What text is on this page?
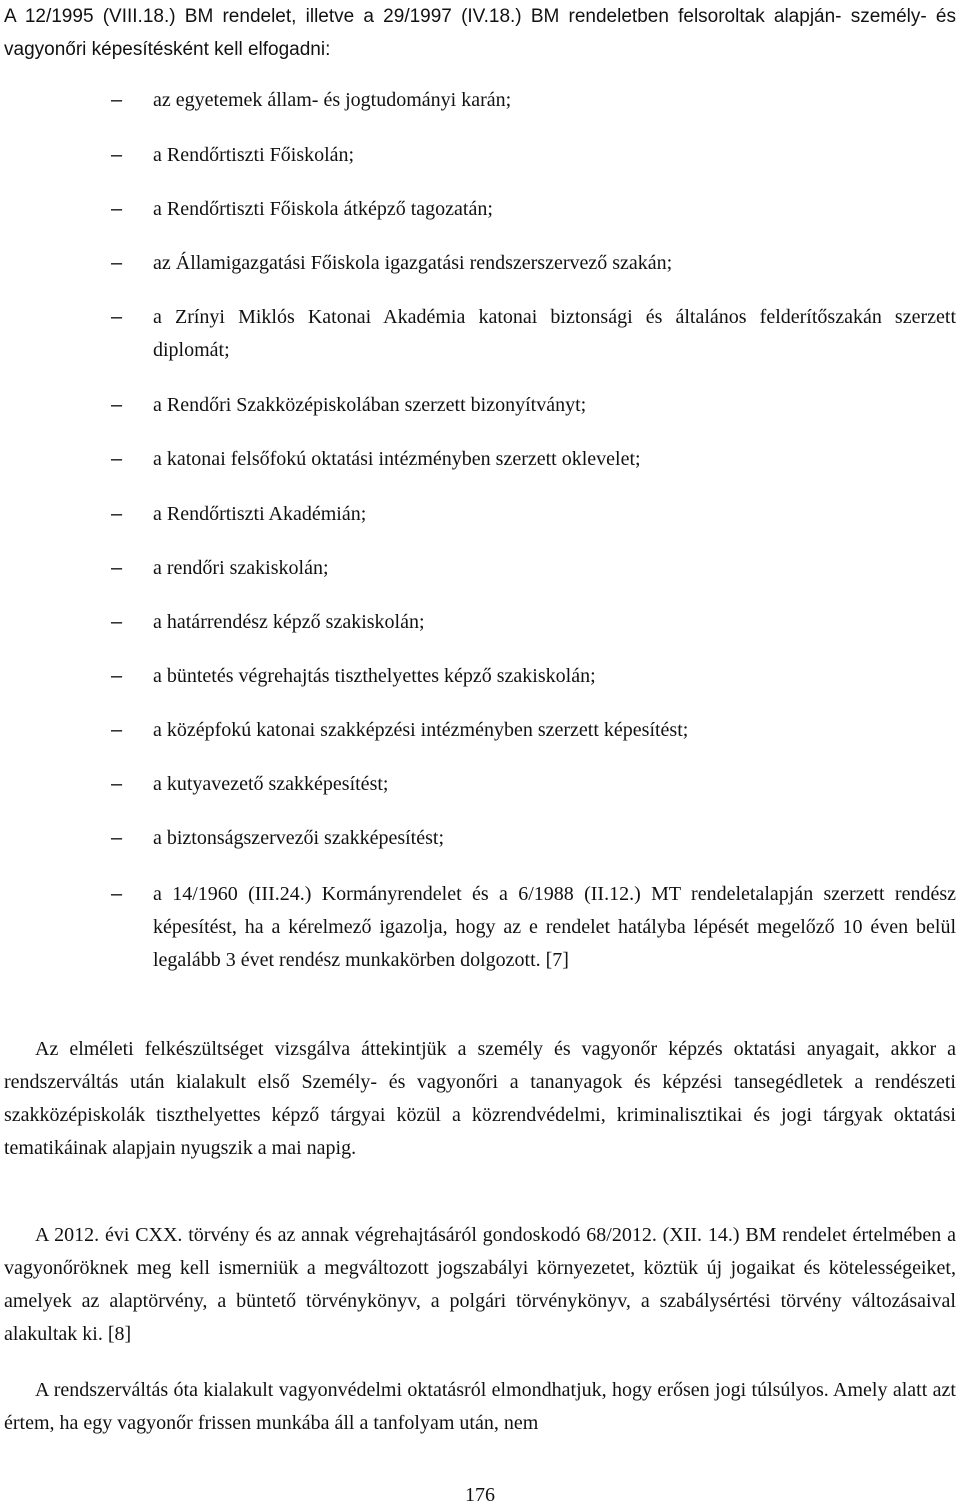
A 12/1995 (VIII.18.) BM rendelet, illetve a 29/1997 (IV.18.) BM rendeletben felsoroltak alapján- személy- és vagyonőri képesítésként kell elfogadni:

– az egyetemek állam- és jogtudományi karán;
– a Rendőrtiszti Főiskolán;
– a Rendőrtiszti Főiskola átképző tagozatán;
– az Államigazgatási Főiskola igazgatási rendszerszervező szakán;
– a Zrínyi Miklós Katonai Akadémia katonai biztonsági és általános felderítőszakán szerzett diplomát;
– a Rendőri Szakközépiskolában szerzett bizonyítványt;
– a katonai felsőfokú oktatási intézményben szerzett oklevelet;
– a Rendőrtiszti Akadémián;
– a rendőri szakiskolán;
– a határrendész képző szakiskolán;
– a büntetés végrehajtás tiszthelyettes képző szakiskolán;
– a középfokú katonai szakképzési intézményben szerzett képesítést;
– a kutyavezető szakképesítést;
– a biztonságszervezői szakképesítést;
– a 14/1960 (III.24.) Kormányrendelet és a 6/1988 (II.12.) MT rendeletalapján szerzett rendész képesítést, ha a kérelmező igazolja, hogy az e rendelet hatályba lépését megelőző 10 éven belül legalább 3 évet rendész munkakörben dolgozott. [7]

Az elméleti felkészültséget vizsgálva áttekintjük a személy és vagyonőr képzés oktatási anyagait, akkor a rendszerváltás után kialakult első Személy- és vagyonőri a tananyagok és képzési tansegédletek a rendészeti szakközépiskolák tiszthelyettes képző tárgyai közül a közrendvédelmi, kriminalisztikai és jogi tárgyak oktatási tematikáinak alapjain nyugszik a mai napig.

A 2012. évi CXX. törvény és az annak végrehajtásáról gondoskodó 68/2012. (XII. 14.) BM rendelet értelmében a vagyonőröknek meg kell ismerniük a megváltozott jogszabályi környezetet, köztük új jogaikat és kötelességeiket, amelyek az alaptörvény, a büntető törvénykönyv, a polgári törvénykönyv, a szabálysértési törvény változásaival alakultak ki. [8]

A rendszerváltás óta kialakult vagyonvédelmi oktatásról elmondhatjuk, hogy erősen jogi túlsúlyos. Amely alatt azt értem, ha egy vagyonőr frissen munkába áll a tanfolyam után, nem

176
